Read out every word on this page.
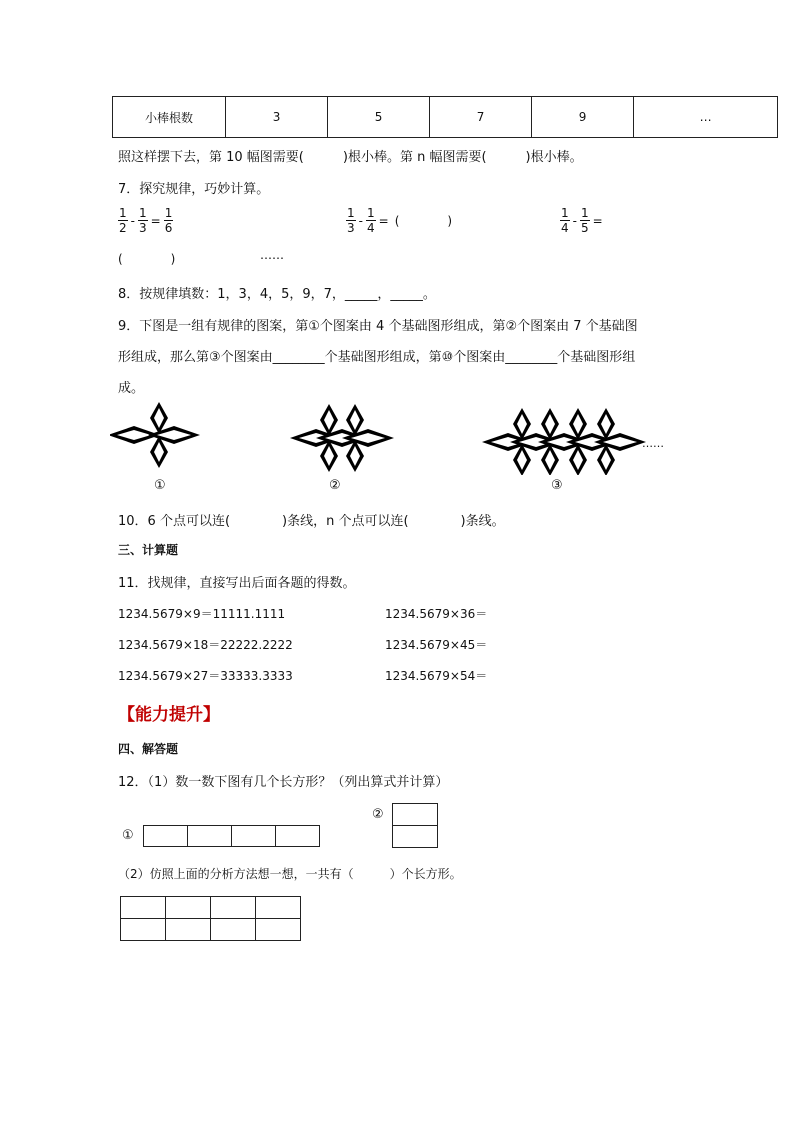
小棒根数	3	5	7	9	…
照这样摆下去，第 10 幅图需要(　　　)根小棒。第 n 幅图需要(　　　)根小棒。
7．探究规律，巧妙计算。
$\frac{1}{2} - \frac{1}{3} = \frac{1}{6}$	$\frac{1}{3} - \frac{1}{4}$ = (　　　　)	$\frac{1}{4} - \frac{1}{5}$ =
(　　　　)	……
8．按规律填数：1，3，4，5，9，7，_____，_____。
9．下图是一组有规律的图案，第①个图案由 4 个基础图形组成，第②个图案由 7 个基础图
形组成，那么第③个图案由________个基础图形组成，第⑩个图案由________个基础图形组
成。
……
①	②	③
10．6 个点可以连(　　　　)条线，n 个点可以连(　　　　)条线。
三、计算题
11．找规律，直接写出后面各题的得数。
1234.5679×9＝11111.1111
1234.5679×18＝22222.2222
1234.5679×27＝33333.3333
1234.5679×36＝
1234.5679×45＝
1234.5679×54＝
【能力提升】
四、解答题
12．（1）数一数下图有几个长方形？（列出算式并计算）
①
②

（2）仿照上面的分析方法想一想，一共有（　　　）个长方形。
